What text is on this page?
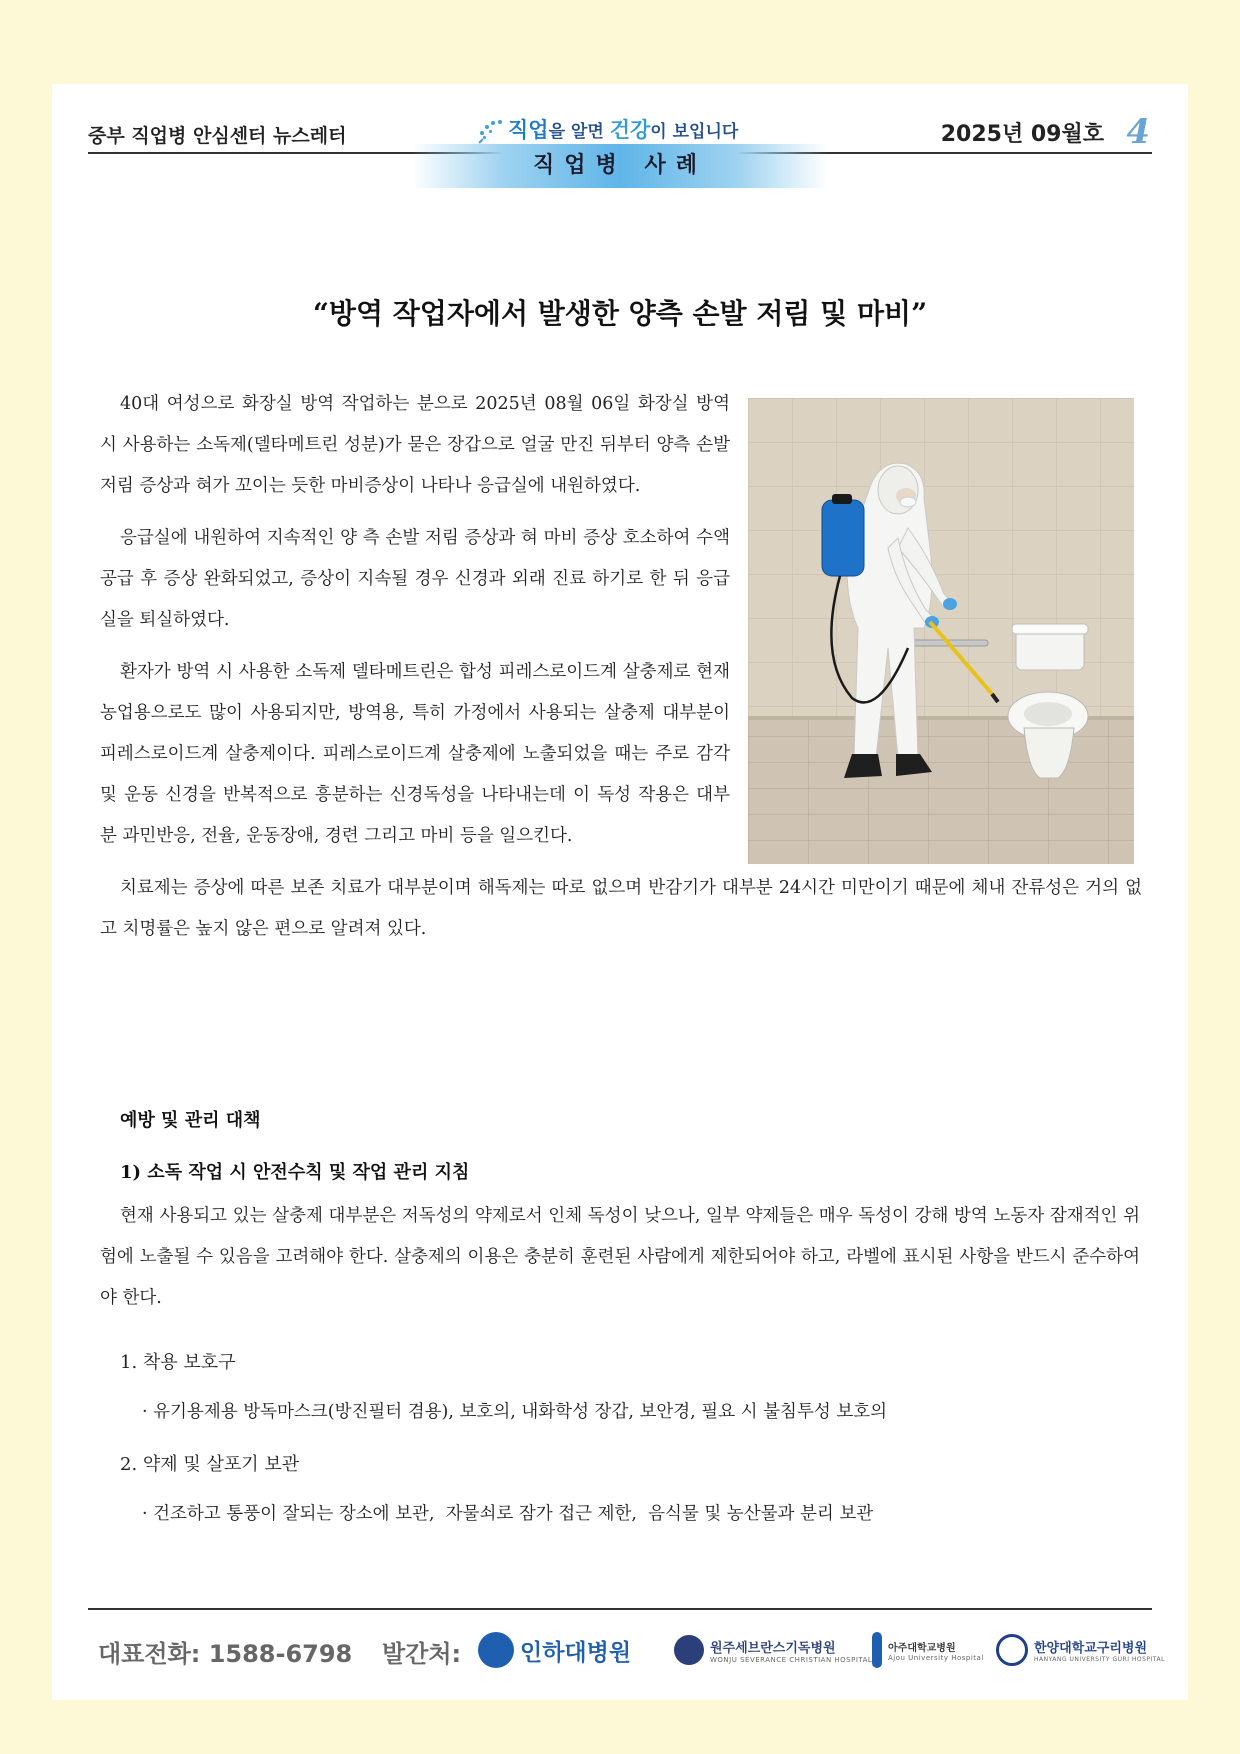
중부 직업병 안심센터 뉴스레터	직업을 알면 건강이 보입니다	2025년 09월호 4
직업병 사례
“방역 작업자에서 발생한 양측 손발 저림 및 마비”

40대 여성으로 화장실 방역 작업하는 분으로 2025년 08월 06일 화장실 방역 시 사용하는 소독제(델타메트린 성분)가 묻은 장갑으로 얼굴 만진 뒤부터 양측 손발 저림 증상과 혀가 꼬이는 듯한 마비증상이 나타나 응급실에 내원하였다.

응급실에 내원하여 지속적인 양 측 손발 저림 증상과 혀 마비 증상 호소하여 수액공급 후 증상 완화되었고, 증상이 지속될 경우 신경과 외래 진료 하기로 한 뒤 응급실을 퇴실하였다.

환자가 방역 시 사용한 소독제 델타메트린은 합성 피레스로이드계 살충제로 현재 농업용으로도 많이 사용되지만, 방역용, 특히 가정에서 사용되는 살충제 대부분이 피레스로이드계 살충제이다. 피레스로이드계 살충제에 노출되었을 때는 주로 감각 및 운동 신경을 반복적으로 흥분하는 신경독성을 나타내는데 이 독성 작용은 대부분 과민반응, 전율, 운동장애, 경련 그리고 마비 등을 일으킨다.

치료제는 증상에 따른 보존 치료가 대부분이며 해독제는 따로 없으며 반감기가 대부분 24시간 미만이기 때문에 체내 잔류성은 거의 없고 치명률은 높지 않은 편으로 알려져 있다.

예방 및 관리 대책
1) 소독 작업 시 안전수칙 및 작업 관리 지침

현재 사용되고 있는 살충제 대부분은 저독성의 약제로서 인체 독성이 낮으나, 일부 약제들은 매우 독성이 강해 방역 노동자 잠재적인 위험에 노출될 수 있음을 고려해야 한다. 살충제의 이용은 충분히 훈련된 사람에게 제한되어야 하고, 라벨에 표시된 사항을 반드시 준수하여야 한다.

1. 착용 보호구
· 유기용제용 방독마스크(방진필터 겸용), 보호의, 내화학성 장갑, 보안경, 필요 시 불침투성 보호의
2. 약제 및 살포기 보관
· 건조하고 통풍이 잘되는 장소에 보관,  자물쇠로 잠가 접근 제한,  음식물 및 농산물과 분리 보관
대표전화: 1588-6798 발간처:	인하대병원	원주세브란스기독병원
WONJU SEVERANCE CHRISTIAN HOSPITAL
아주대학교병원
Ajou University Hospital
한양대학교구리병원
HANYANG UNIVERSITY GURI HOSPITAL
